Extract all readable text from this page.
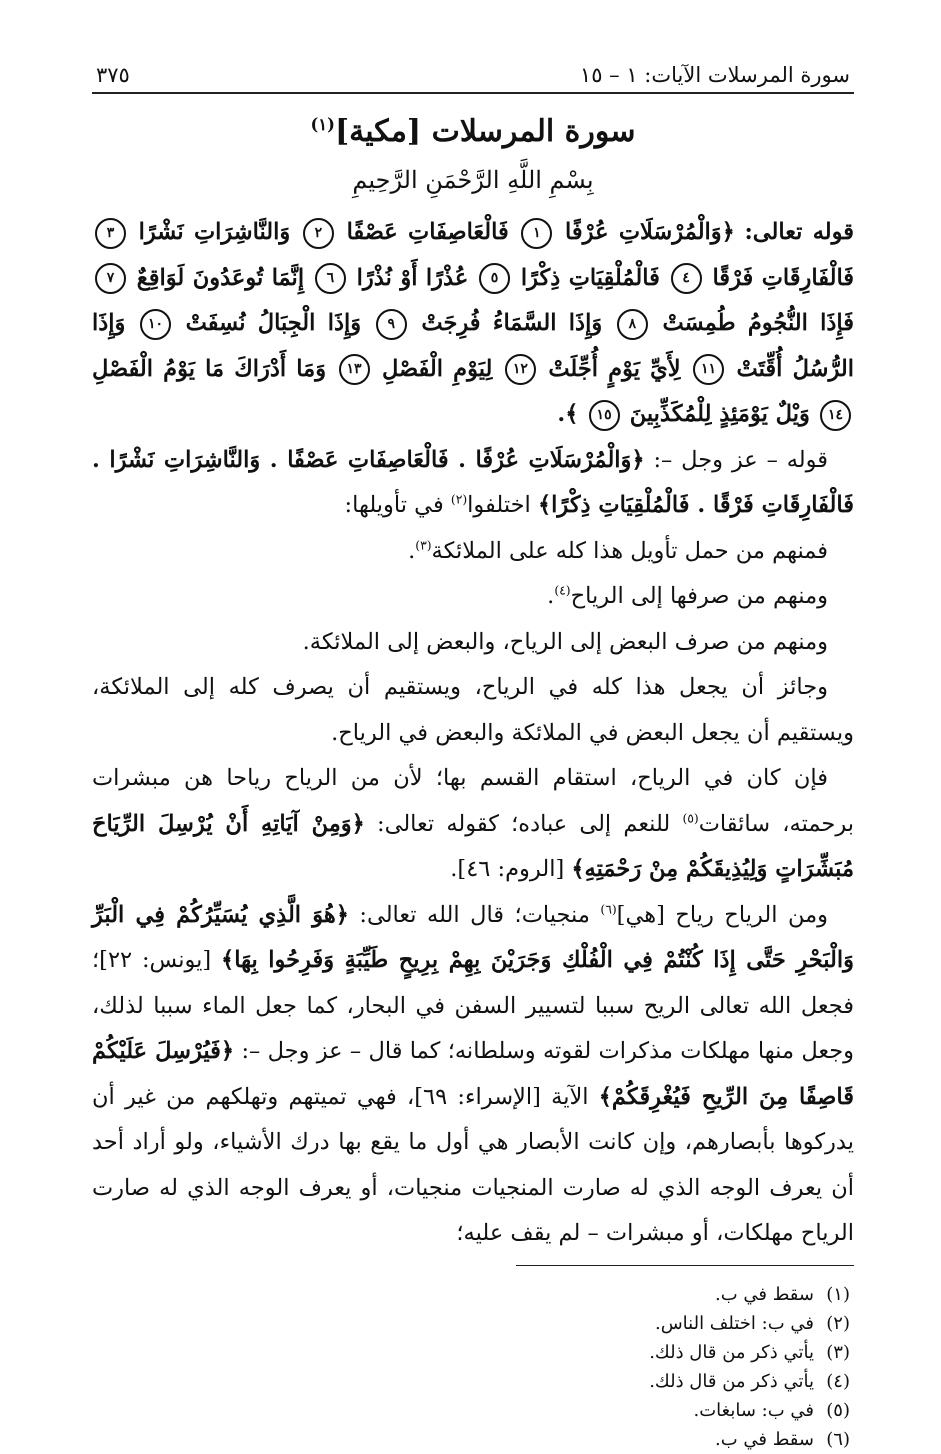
سورة المرسلات الآيات: ١ – ١٥
٣٧٥
سورة المرسلات [مكية]$^{(١)}$
بِسْمِ اللَّهِ الرَّحْمَنِ الرَّحِيمِ

قوله تعالى: ﴿وَالْمُرْسَلَاتِ عُرْفًا ١ فَالْعَاصِفَاتِ عَصْفًا ٢ وَالنَّاشِرَاتِ نَشْرًا ٣ فَالْفَارِقَاتِ فَرْقًا ٤ فَالْمُلْقِيَاتِ ذِكْرًا ٥ عُذْرًا أَوْ نُذْرًا ٦ إِنَّمَا تُوعَدُونَ لَوَاقِعٌ ٧ فَإِذَا النُّجُومُ طُمِسَتْ ٨ وَإِذَا السَّمَاءُ فُرِجَتْ ٩ وَإِذَا الْجِبَالُ نُسِفَتْ ١٠ وَإِذَا الرُّسُلُ أُقِّتَتْ ١١ لِأَيِّ يَوْمٍ أُجِّلَتْ ١٢ لِيَوْمِ الْفَصْلِ ١٣ وَمَا أَدْرَاكَ مَا يَوْمُ الْفَصْلِ ١٤ وَيْلٌ يَوْمَئِذٍ لِلْمُكَذِّبِينَ ١٥ ﴾.

قوله – عز وجل –: ﴿وَالْمُرْسَلَاتِ عُرْفًا . فَالْعَاصِفَاتِ عَصْفًا . وَالنَّاشِرَاتِ نَشْرًا . فَالْفَارِقَاتِ فَرْقًا . فَالْمُلْقِيَاتِ ذِكْرًا﴾ اختلفوا$^{(٢)}$ في تأويلها:

فمنهم من حمل تأويل هذا كله على الملائكة$^{(٣)}$.

ومنهم من صرفها إلى الرياح$^{(٤)}$.

ومنهم من صرف البعض إلى الرياح، والبعض إلى الملائكة.

وجائز أن يجعل هذا كله في الرياح، ويستقيم أن يصرف كله إلى الملائكة، ويستقيم أن يجعل البعض في الملائكة والبعض في الرياح.

فإن كان في الرياح، استقام القسم بها؛ لأن من الرياح رياحا هن مبشرات برحمته، سائقات$^{(٥)}$ للنعم إلى عباده؛ كقوله تعالى: ﴿وَمِنْ آيَاتِهِ أَنْ يُرْسِلَ الرِّيَاحَ مُبَشِّرَاتٍ وَلِيُذِيقَكُمْ مِنْ رَحْمَتِهِ﴾ [الروم: ٤٦].

ومن الرياح رياح [هي]$^{(٦)}$ منجيات؛ قال الله تعالى: ﴿هُوَ الَّذِي يُسَيِّرُكُمْ فِي الْبَرِّ وَالْبَحْرِ حَتَّى إِذَا كُنْتُمْ فِي الْفُلْكِ وَجَرَيْنَ بِهِمْ بِرِيحٍ طَيِّبَةٍ وَفَرِحُوا بِهَا﴾ [يونس: ٢٢]؛ فجعل الله تعالى الريح سببا لتسيير السفن في البحار، كما جعل الماء سببا لذلك، وجعل منها مهلكات مذكرات لقوته وسلطانه؛ كما قال – عز وجل –: ﴿فَيُرْسِلَ عَلَيْكُمْ قَاصِفًا مِنَ الرِّيحِ فَيُغْرِقَكُمْ﴾ الآية [الإسراء: ٦٩]، فهي تميتهم وتهلكهم من غير أن يدركوها بأبصارهم، وإن كانت الأبصار هي أول ما يقع بها درك الأشياء، ولو أراد أحد أن يعرف الوجه الذي له صارت المنجيات منجيات، أو يعرف الوجه الذي له صارت الرياح مهلكات، أو مبشرات – لم يقف عليه؛

(١)سقط في ب.
(٢)في ب: اختلف الناس.
(٣)يأتي ذكر من قال ذلك.
(٤)يأتي ذكر من قال ذلك.
(٥)في ب: سابغات.
(٦)سقط في ب.
